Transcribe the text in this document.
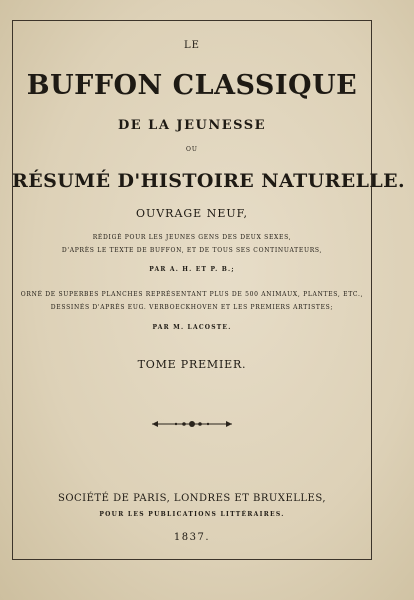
LE
BUFFON CLASSIQUE
DE LA JEUNESSE
OU
RÉSUMÉ D'HISTOIRE NATURELLE.
OUVRAGE NEUF,
RÉDIGÉ POUR LES JEUNES GENS DES DEUX SEXES,
D'APRÈS LE TEXTE DE BUFFON, ET DE TOUS SES CONTINUATEURS,
PAR A. H. ET P. B.;
ORNÉ DE SUPERBES PLANCHES REPRÉSENTANT PLUS DE 500 ANIMAUX, PLANTES, ETC.,
DESSINÉS D'APRÈS EUG. VERBOECKHOVEN ET LES PREMIERS ARTISTES;
PAR M. LACOSTE.
TOME PREMIER.
SOCIÉTÉ DE PARIS, LONDRES ET BRUXELLES,
POUR LES PUBLICATIONS LITTÉRAIRES.
1837.
